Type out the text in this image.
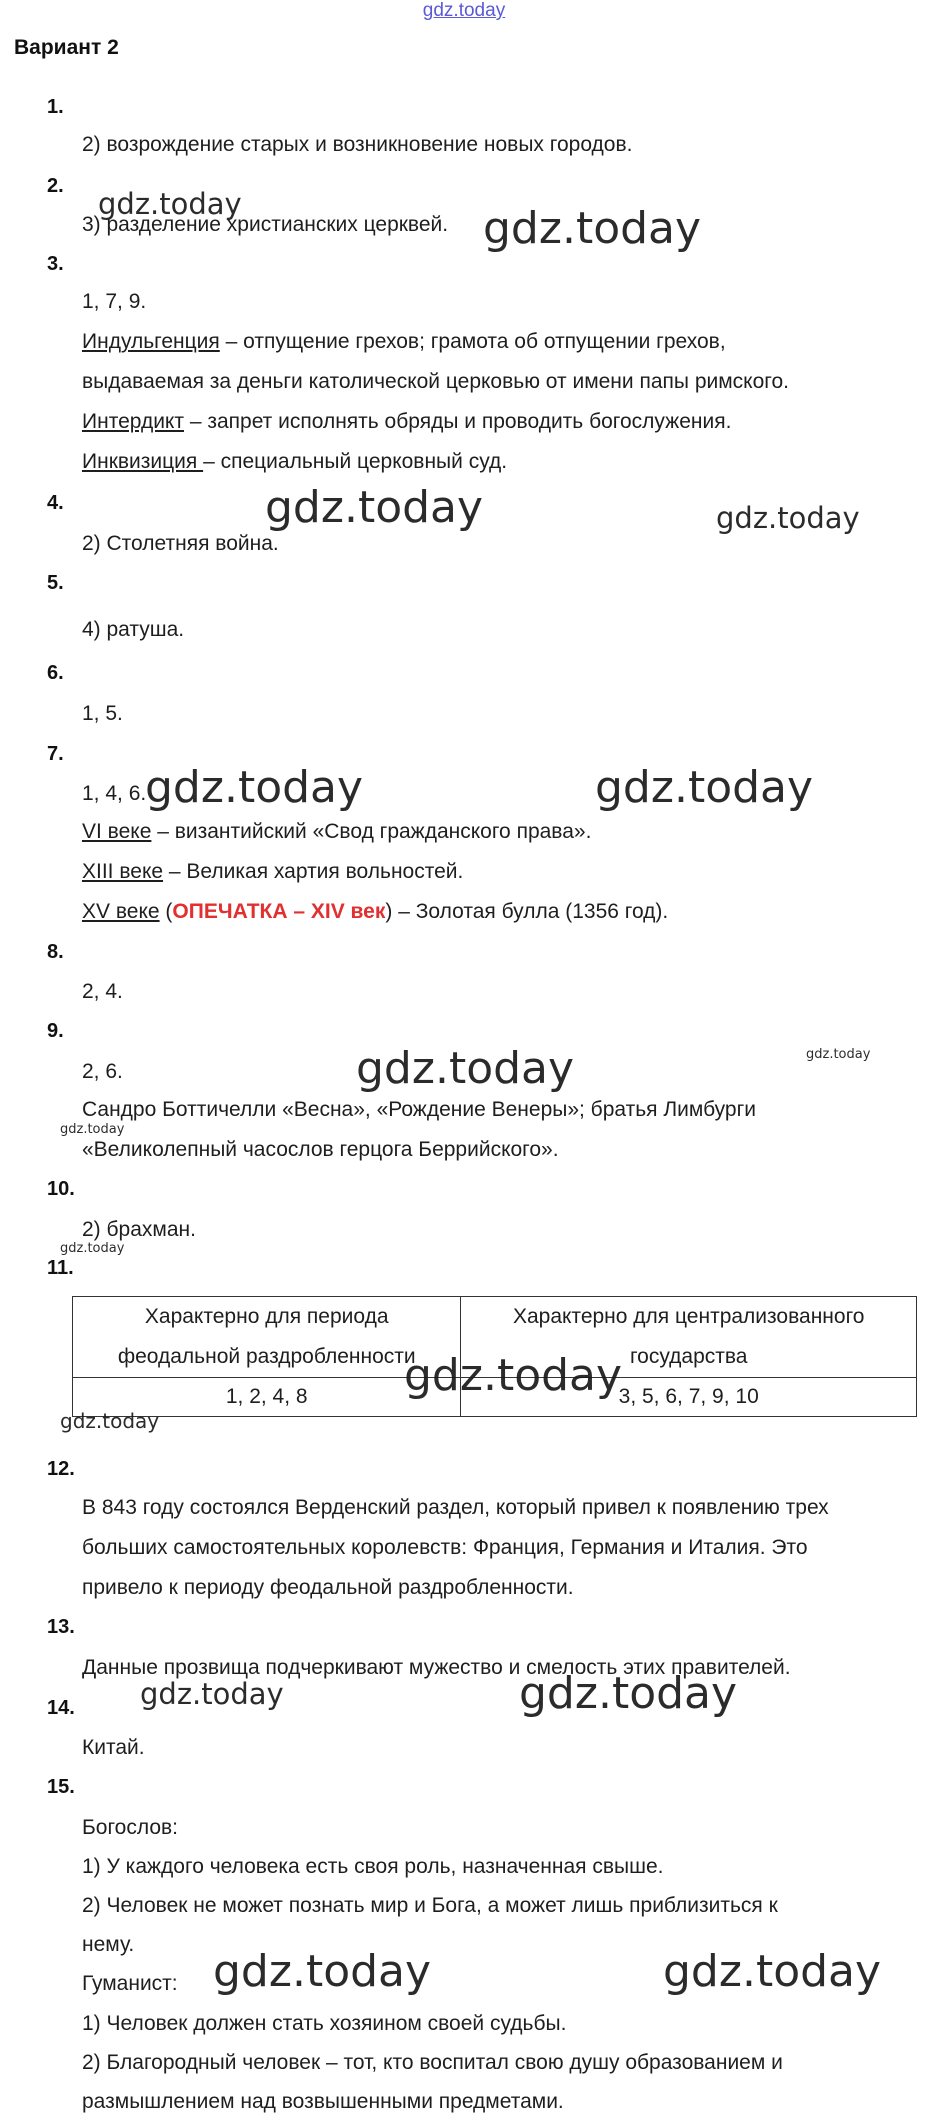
gdz.today
Вариант 2
1.
2) возрождение старых и возникновение новых городов.
2.
3) разделение христианских церквей.
3.
1, 7, 9.
Индульгенция – отпущение грехов; грамота об отпущении грехов,
выдаваемая за деньги католической церковью от имени папы римского.
Интердикт – запрет исполнять обряды и проводить богослужения.
Инквизиция – специальный церковный суд.
4.
2) Столетняя война.
5.
4) ратуша.
6.
1, 5.
7.
1, 4, 6.
VI веке – византийский «Свод гражданского права».
XIII веке – Великая хартия вольностей.
XV веке (ОПЕЧАТКА – XIV век) – Золотая булла (1356 год).
8.
2, 4.
9.
2, 6.
Сандро Боттичелли «Весна», «Рождение Венеры»; братья Лимбурги
«Великолепный часослов герцога Беррийского».
10.
2) брахман.
11.
Характерно для периода
феодальной раздробленности	Характерно для централизованного
государства
1, 2, 4, 8	3, 5, 6, 7, 9, 10
12.
В 843 году состоялся Верденский раздел, который привел к появлению трех
больших самостоятельных королевств: Франция, Германия и Италия. Это
привело к периоду феодальной раздробленности.
13.
Данные прозвища подчеркивают мужество и смелость этих правителей.
14.
Китай.
15.
Богослов:
1) У каждого человека есть своя роль, назначенная свыше.
2) Человек не может познать мир и Бога, а может лишь приблизиться к
нему.
Гуманист:
1) Человек должен стать хозяином своей судьбы.
2) Благородный человек – тот, кто воспитал свою душу образованием и
размышлением над возвышенными предметами.
gdz.today	gdz.today
gdz.today	gdz.today
gdz.today	gdz.today
gdz.today	gdz.today
gdz.today
gdz.today
gdz.today
gdz.today
gdz.today	gdz.today
gdz.today	gdz.today
